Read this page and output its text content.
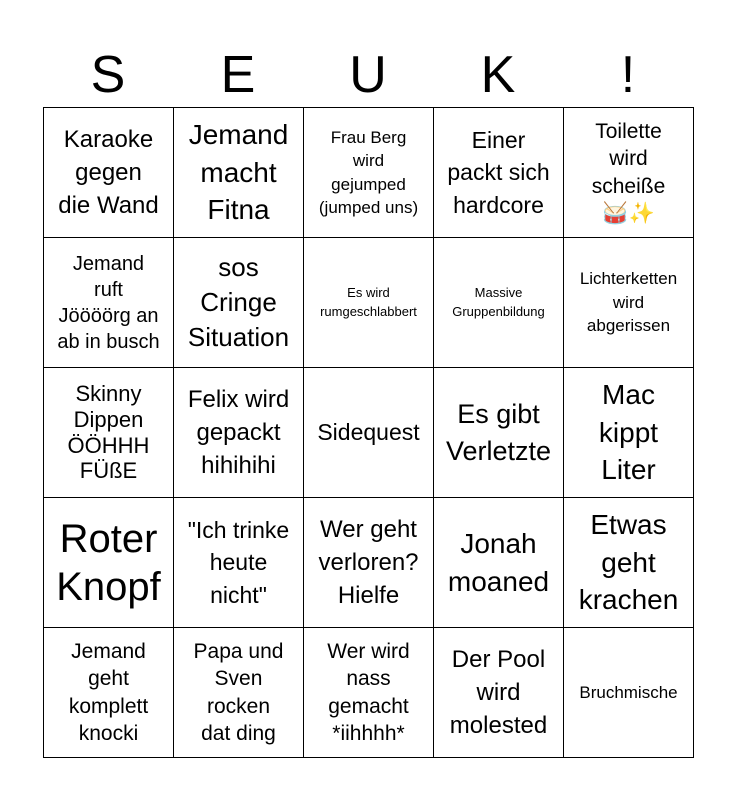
S	E	U	K	!
Karaoke
gegen
die Wand
Jemand
macht
Fitna
Frau Berg
wird
gejumped
(jumped uns)
Einer
packt sich
hardcore
Toilette
wird
scheiße
🥁✨
Jemand
ruft
Jöööörg an
ab in busch
sos
Cringe
Situation
Es wird
rumgeschlabbert
Massive
Gruppenbildung
Lichterketten
wird
abgerissen
Skinny
Dippen
ÖÖHHH
FÜßE
Felix wird
gepackt
hihihihi
Sidequest
Es gibt
Verletzte
Mac
kippt
Liter
Roter
Knopf
"Ich trinke
heute
nicht"
Wer geht
verloren?
Hielfe
Jonah
moaned
Etwas
geht
krachen
Jemand
geht
komplett
knocki
Papa und
Sven
rocken
dat ding
Wer wird
nass
gemacht
*iihhhh*
Der Pool
wird
molested
Bruchmische
